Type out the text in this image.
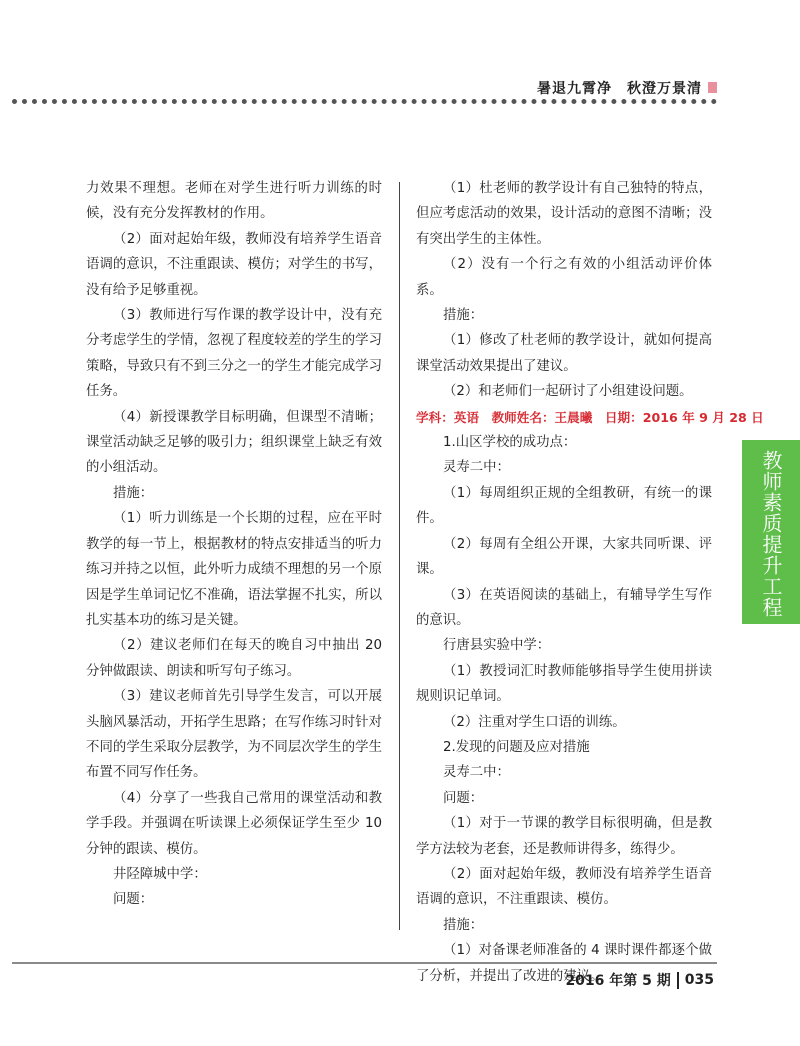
暑退九霄净　秋澄万景清

力效果不理想。老师在对学生进行听力训练的时候，没有充分发挥教材的作用。

（2）面对起始年级，教师没有培养学生语音语调的意识，不注重跟读、模仿；对学生的书写，没有给予足够重视。

（3）教师进行写作课的教学设计中，没有充分考虑学生的学情，忽视了程度较差的学生的学习策略，导致只有不到三分之一的学生才能完成学习任务。

（4）新授课教学目标明确，但课型不清晰；课堂活动缺乏足够的吸引力；组织课堂上缺乏有效的小组活动。

措施：

（1）听力训练是一个长期的过程，应在平时教学的每一节上，根据教材的特点安排适当的听力练习并持之以恒，此外听力成绩不理想的另一个原因是学生单词记忆不准确，语法掌握不扎实，所以扎实基本功的练习是关键。

（2）建议老师们在每天的晚自习中抽出 20 分钟做跟读、朗读和听写句子练习。

（3）建议老师首先引导学生发言，可以开展头脑风暴活动，开拓学生思路；在写作练习时针对不同的学生采取分层教学，为不同层次学生的学生布置不同写作任务。

（4）分享了一些我自己常用的课堂活动和教学手段。并强调在听读课上必须保证学生至少 10 分钟的跟读、模仿。

井陉障城中学：

问题：

（1）杜老师的教学设计有自己独特的特点，但应考虑活动的效果，设计活动的意图不清晰；没有突出学生的主体性。

（2）没有一个行之有效的小组活动评价体系。

措施：

（1）修改了杜老师的教学设计，就如何提高课堂活动效果提出了建议。

（2）和老师们一起研讨了小组建设问题。

学科：英语　教师姓名：王晨曦　日期：2016 年 9 月 28 日

1.山区学校的成功点：

灵寿二中：

（1）每周组织正规的全组教研，有统一的课件。

（2）每周有全组公开课，大家共同听课、评课。

（3）在英语阅读的基础上，有辅导学生写作的意识。

行唐县实验中学：

（1）教授词汇时教师能够指导学生使用拼读规则识记单词。

（2）注重对学生口语的训练。

2.发现的问题及应对措施

灵寿二中：

问题：

（1）对于一节课的教学目标很明确，但是教学方法较为老套，还是教师讲得多，练得少。

（2）面对起始年级，教师没有培养学生语音语调的意识，不注重跟读、模仿。

措施：

（1）对备课老师准备的 4 课时课件都逐个做了分析，并提出了改进的建议。

教师素质提升工程
2016 年第 5 期 035
